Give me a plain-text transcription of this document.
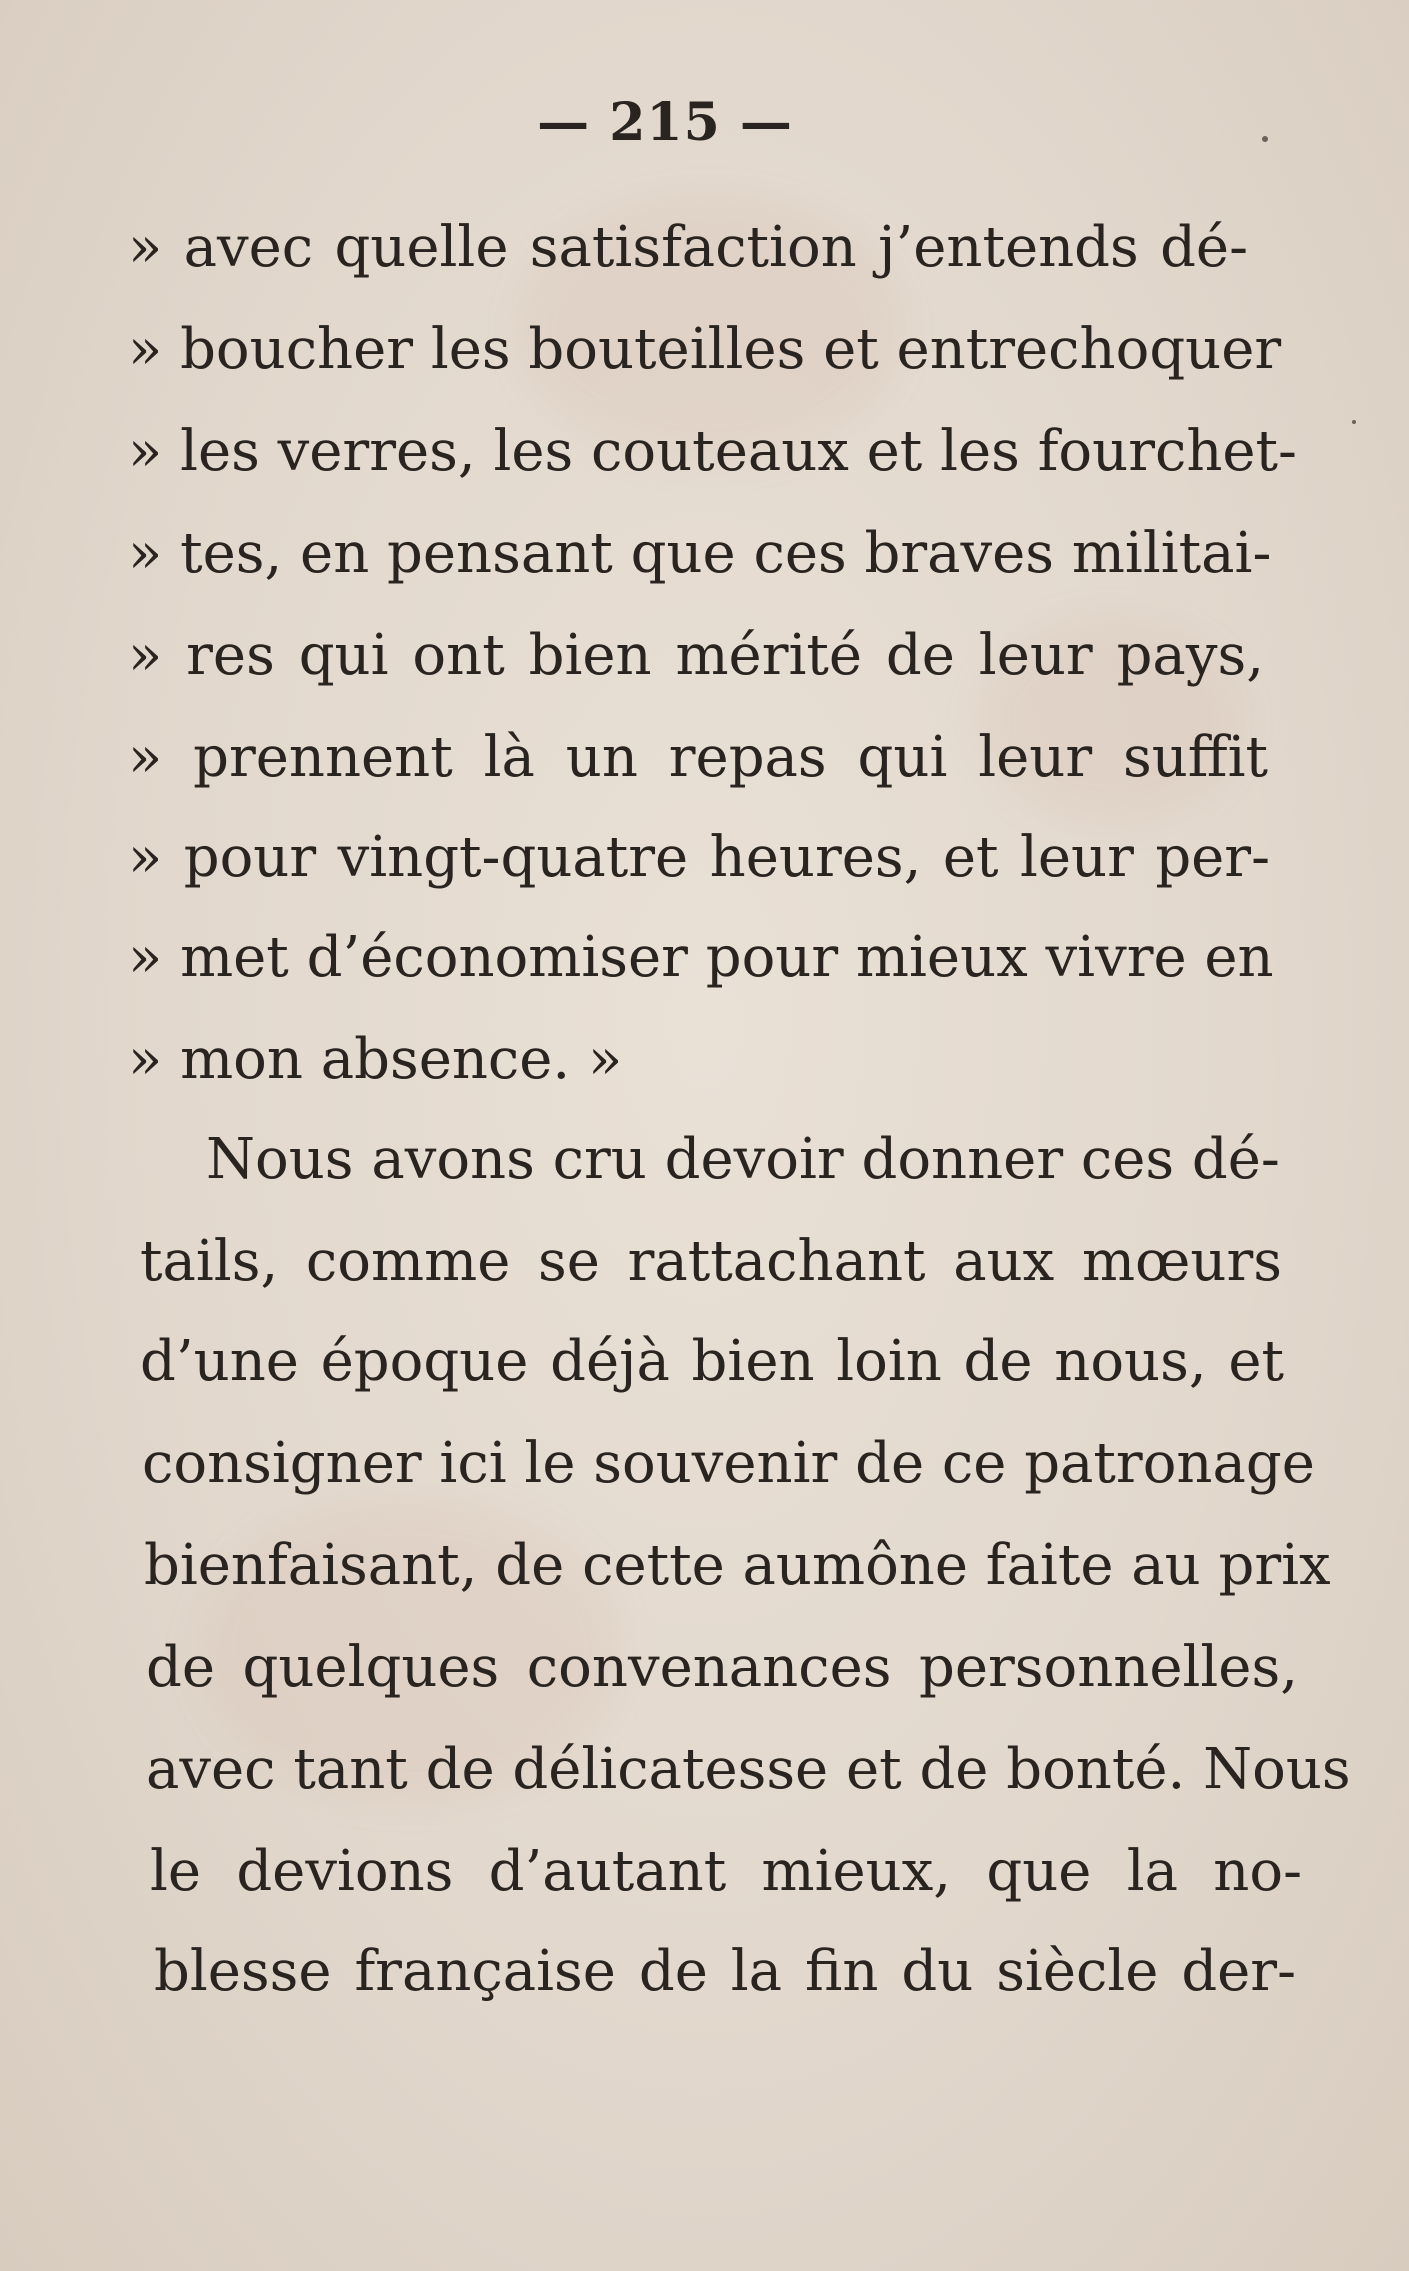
— 215 —
» avec quelle satisfaction j’entends dé-
» boucher les bouteilles et entrechoquer
» les verres, les couteaux et les fourchet-
» tes, en pensant que ces braves militai-
» res qui ont bien mérité de leur pays,
» prennent là un repas qui leur suffit
» pour vingt-quatre heures, et leur per-
» met d’économiser pour mieux vivre en
» mon absence. »
Nous avons cru devoir donner ces dé-
tails, comme se rattachant aux mœurs
d’une époque déjà bien loin de nous, et
consigner ici le souvenir de ce patronage
bienfaisant, de cette aumône faite au prix
de quelques convenances personnelles,
avec tant de délicatesse et de bonté. Nous
le devions d’autant mieux, que la no-
blesse française de la fin du siècle der-
